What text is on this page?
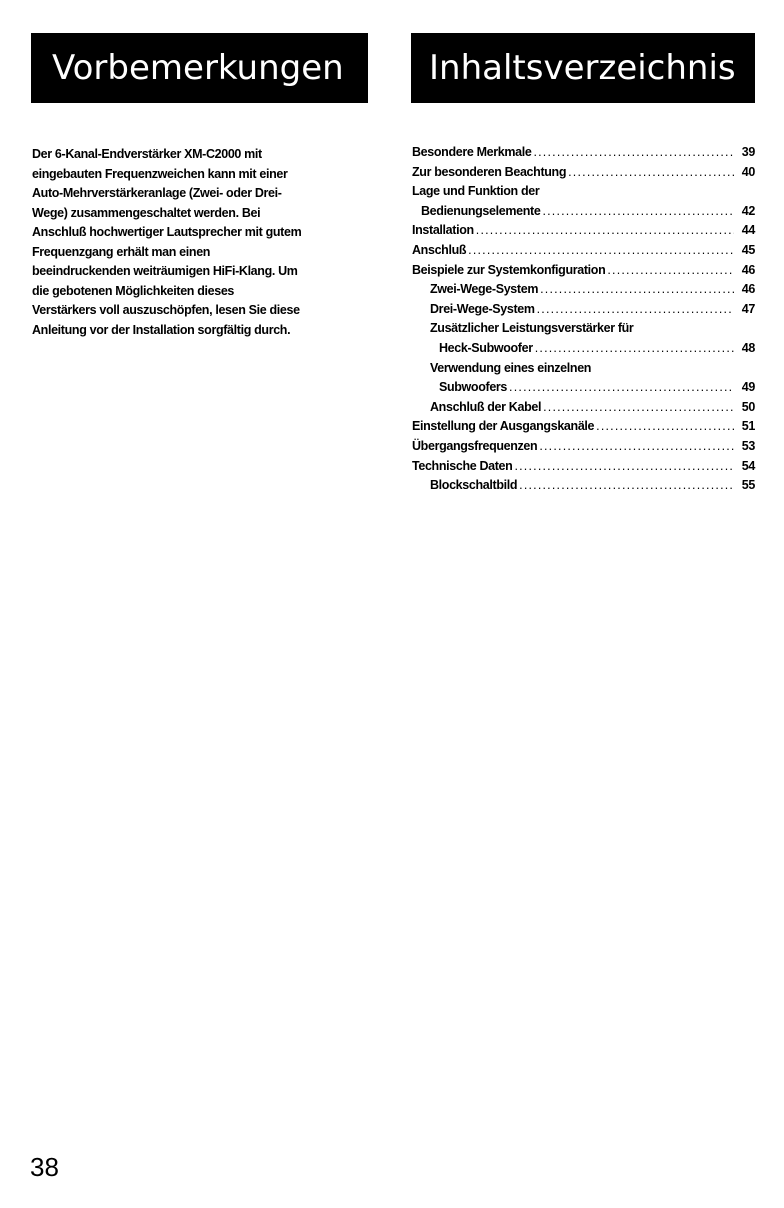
Vorbemerkungen	Inhaltsverzeichnis

Der 6-Kanal-Endverstärker XM-C2000 mit

eingebauten Frequenzweichen kann mit einer

Auto-Mehrverstärkeranlage (Zwei- oder Drei-

Wege) zusammengeschaltet werden. Bei

Anschluß hochwertiger Lautsprecher mit gutem

Frequenzgang erhält man einen

beeindruckenden weiträumigen HiFi-Klang. Um

die gebotenen Möglichkeiten dieses

Verstärkers voll auszuschöpfen, lesen Sie diese

Anleitung vor der Installation sorgfältig durch.

Besondere Merkmale .....	39
Zur besonderen Beachtung .....	40
Lage und Funktion der
Bedienungselemente .....	42
Installation .....	44
Anschluß .....	45
Beispiele zur Systemkonfiguration .....	46
Zwei-Wege-System .....	46
Drei-Wege-System .....	47
Zusätzlicher Leistungsverstärker für
Heck-Subwoofer .....	48
Verwendung eines einzelnen
Subwoofers .....	49
Anschluß der Kabel .....	50
Einstellung der Ausgangskanäle .....	51
Übergangsfrequenzen .....	53
Technische Daten .....	54
Blockschaltbild .....	55
38
